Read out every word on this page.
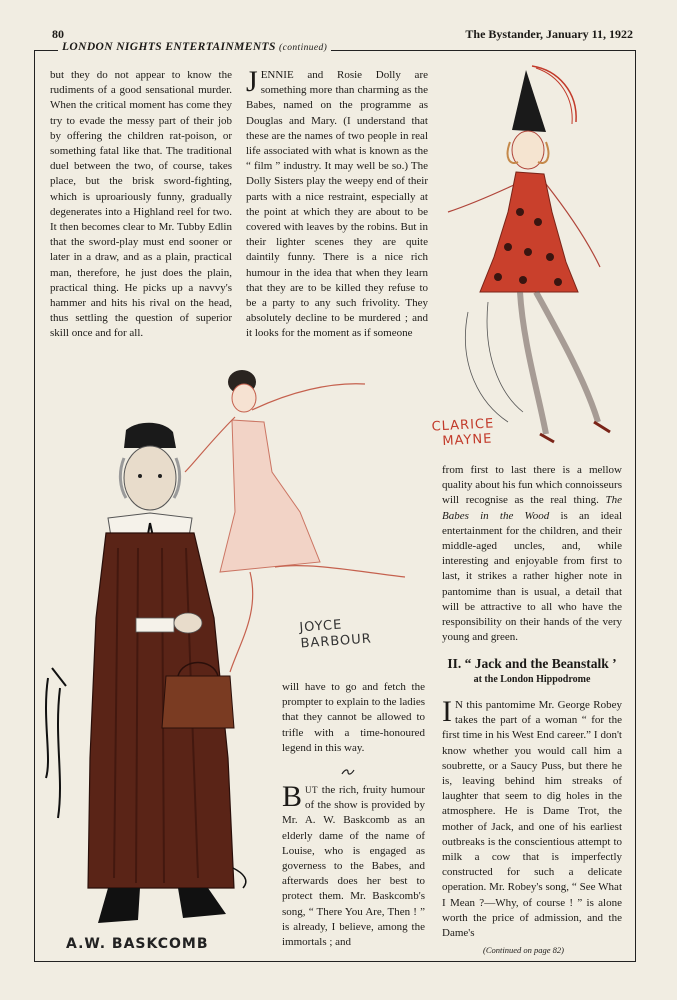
80	The Bystander, January 11, 1922
LONDON NIGHTS ENTERTAINMENTS (continued)
CLARICE
MAYNE
JOYCE
BARBOUR
A.W. BASKCOMB

but they do not appear to know the rudiments of a good sensational murder. When the critical moment has come they try to evade the messy part of their job by offering the children rat-poison, or something fatal like that. The traditional duel between the two, of course, takes place, but the brisk sword-fighting, which is uproariously funny, gradually degenerates into a Highland reel for two. It then becomes clear to Mr. Tubby Edlin that the sword-play must end sooner or later in a draw, and as a plain, practical man, therefore, he just does the plain, practical thing. He picks up a navvy's hammer and hits his rival on the head, thus settling the question of superior skill once and for all.

JENNIE and Rosie Dolly are something more than charming as the Babes, named on the programme as Douglas and Mary. (I understand that these are the names of two people in real life associated with what is known as the “ film ” industry. It may well be so.) The Dolly Sisters play the weepy end of their parts with a nice restraint, especially at the point at which they are about to be covered with leaves by the robins. But in their lighter scenes they are quite daintily funny. There is a nice rich humour in the idea that when they learn that they are to be killed they refuse to be a party to any such frivolity. They absolutely decline to be murdered ; and it looks for the moment as if someone

from first to last there is a mellow quality about his fun which connoisseurs will recognise as the real thing. The Babes in the Wood is an ideal entertainment for the children, and their middle-aged uncles, and, while interesting and enjoyable from first to last, it strikes a rather higher note in pantomime than is usual, a detail that will be attractive to all who have the responsibility on their hands of the very young and green.

will have to go and fetch the prompter to explain to the ladies that they cannot be allowed to trifle with a time-honoured legend in this way.

BUT the rich, fruity humour of the show is provided by Mr. A. W. Baskcomb as an elderly dame of the name of Louise, who is engaged as governess to the Babes, and afterwards does her best to protect them. Mr. Baskcomb's song, “ There You Are, Then ! ” is already, I believe, among the immortals ; and

II. “ Jack and the Beanstalk ’
at the London Hippodrome

I N this pantomime Mr. George Robey takes the part of a woman “ for the first time in his West End career.” I don't know whether you would call him a soubrette, or a Saucy Puss, but there he is, leaving behind him streaks of laughter that seem to dig holes in the atmosphere. He is Dame Trot, the mother of Jack, and one of his earliest outbreaks is the conscientious attempt to milk a cow that is imperfectly constructed for such a delicate operation. Mr. Robey's song, “ See What I Mean ?—Why, of course ! ” is alone worth the price of admission, and the Dame's

(Continued on page 82)
